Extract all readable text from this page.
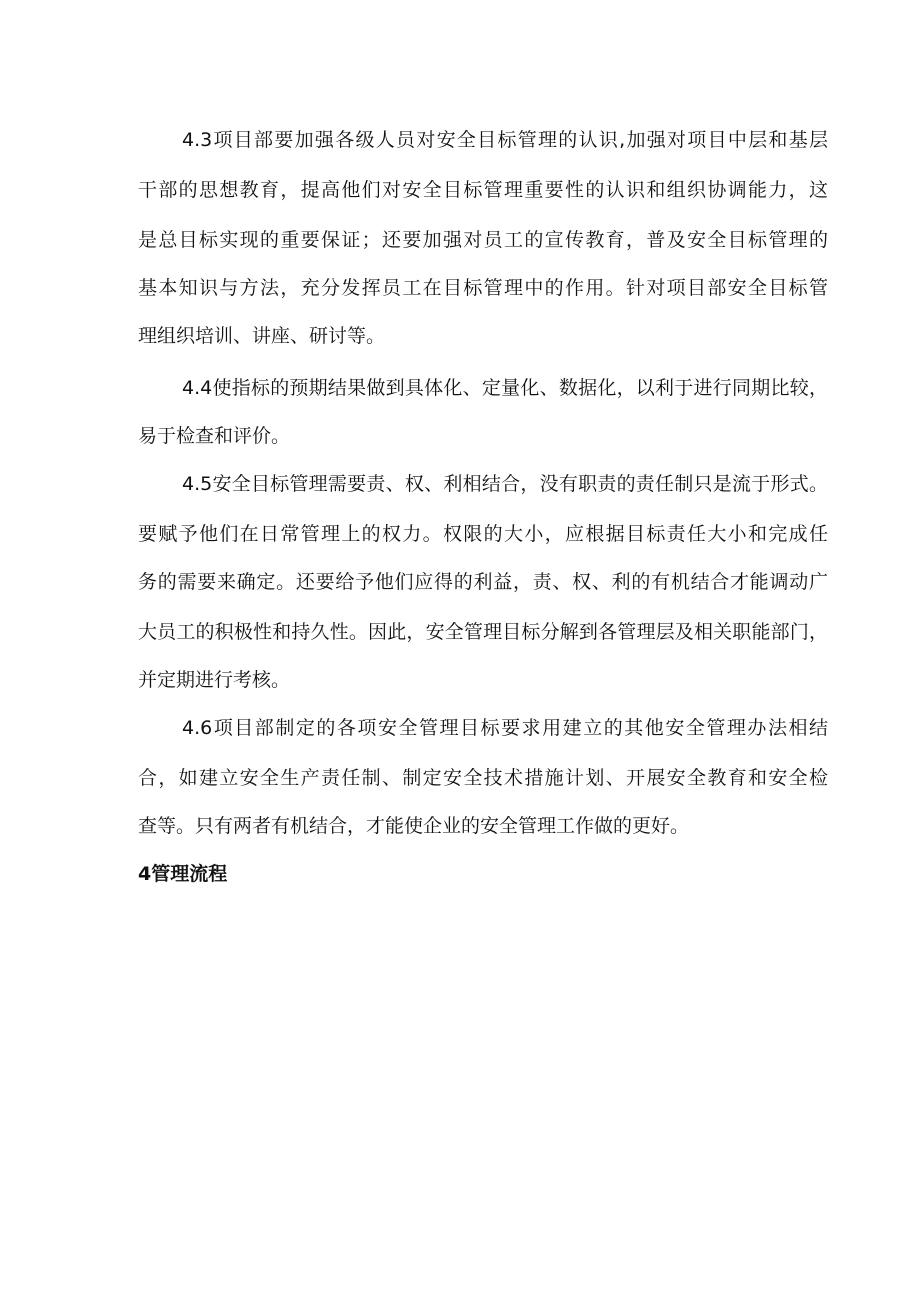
4.3项目部要加强各级人员对安全目标管理的认识,加强对项目中层和基层
干部的思想教育，提高他们对安全目标管理重要性的认识和组织协调能力，这
是总目标实现的重要保证；还要加强对员工的宣传教育，普及安全目标管理的
基本知识与方法，充分发挥员工在目标管理中的作用。针对项目部安全目标管
理组织培训、讲座、研讨等。
4.4使指标的预期结果做到具体化、定量化、数据化，以利于进行同期比较，
易于检查和评价。
4.5安全目标管理需要责、权、利相结合，没有职责的责任制只是流于形式。
要赋予他们在日常管理上的权力。权限的大小，应根据目标责任大小和完成任
务的需要来确定。还要给予他们应得的利益，责、权、利的有机结合才能调动广
大员工的积极性和持久性。因此，安全管理目标分解到各管理层及相关职能部门，
并定期进行考核。
4.6项目部制定的各项安全管理目标要求用建立的其他安全管理办法相结
合，如建立安全生产责任制、制定安全技术措施计划、开展安全教育和安全检
查等。只有两者有机结合，才能使企业的安全管理工作做的更好。
4管理流程
